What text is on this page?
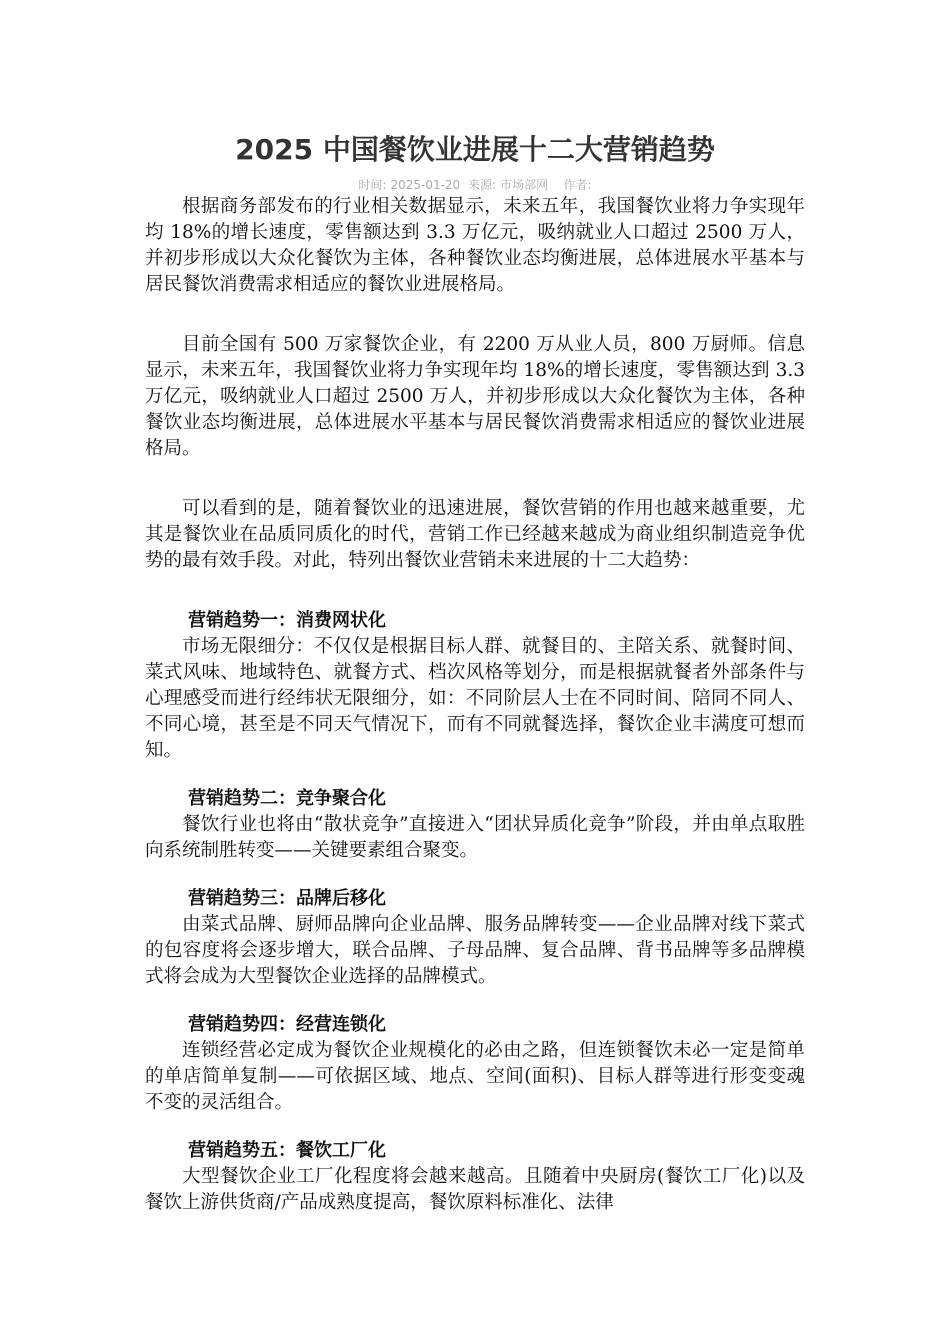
2025 中国餐饮业进展十二大营销趋势
时间: 2025-01-20 来源: 市场部网 作者:

根据商务部发布的行业相关数据显示，未来五年，我国餐饮业将力争实现年均 18%的增长速度，零售额达到 3.3 万亿元，吸纳就业人口超过 2500 万人，并初步形成以大众化餐饮为主体，各种餐饮业态均衡进展，总体进展水平基本与居民餐饮消费需求相适应的餐饮业进展格局。

目前全国有 500 万家餐饮企业，有 2200 万从业人员，800 万厨师。信息显示，未来五年，我国餐饮业将力争实现年均 18%的增长速度，零售额达到 3.3 万亿元，吸纳就业人口超过 2500 万人，并初步形成以大众化餐饮为主体，各种餐饮业态均衡进展，总体进展水平基本与居民餐饮消费需求相适应的餐饮业进展格局。

可以看到的是，随着餐饮业的迅速进展，餐饮营销的作用也越来越重要，尤其是餐饮业在品质同质化的时代，营销工作已经越来越成为商业组织制造竞争优势的最有效手段。对此，特列出餐饮业营销未来进展的十二大趋势：

营销趋势一：消费网状化

市场无限细分：不仅仅是根据目标人群、就餐目的、主陪关系、就餐时间、菜式风味、地域特色、就餐方式、档次风格等划分，而是根据就餐者外部条件与心理感受而进行经纬状无限细分，如：不同阶层人士在不同时间、陪同不同人、不同心境，甚至是不同天气情况下，而有不同就餐选择，餐饮企业丰满度可想而知。

营销趋势二：竞争聚合化

餐饮行业也将由“散状竞争”直接进入“团状异质化竞争”阶段，并由单点取胜向系统制胜转变——关键要素组合聚变。

营销趋势三：品牌后移化

由菜式品牌、厨师品牌向企业品牌、服务品牌转变——企业品牌对线下菜式的包容度将会逐步增大，联合品牌、子母品牌、复合品牌、背书品牌等多品牌模式将会成为大型餐饮企业选择的品牌模式。

营销趋势四：经营连锁化

连锁经营必定成为餐饮企业规模化的必由之路，但连锁餐饮未必一定是简单的单店简单复制——可依据区域、地点、空间(面积)、目标人群等进行形变变魂不变的灵活组合。

营销趋势五：餐饮工厂化

大型餐饮企业工厂化程度将会越来越高。且随着中央厨房(餐饮工厂化)以及餐饮上游供货商/产品成熟度提高，餐饮原料标准化、法律
